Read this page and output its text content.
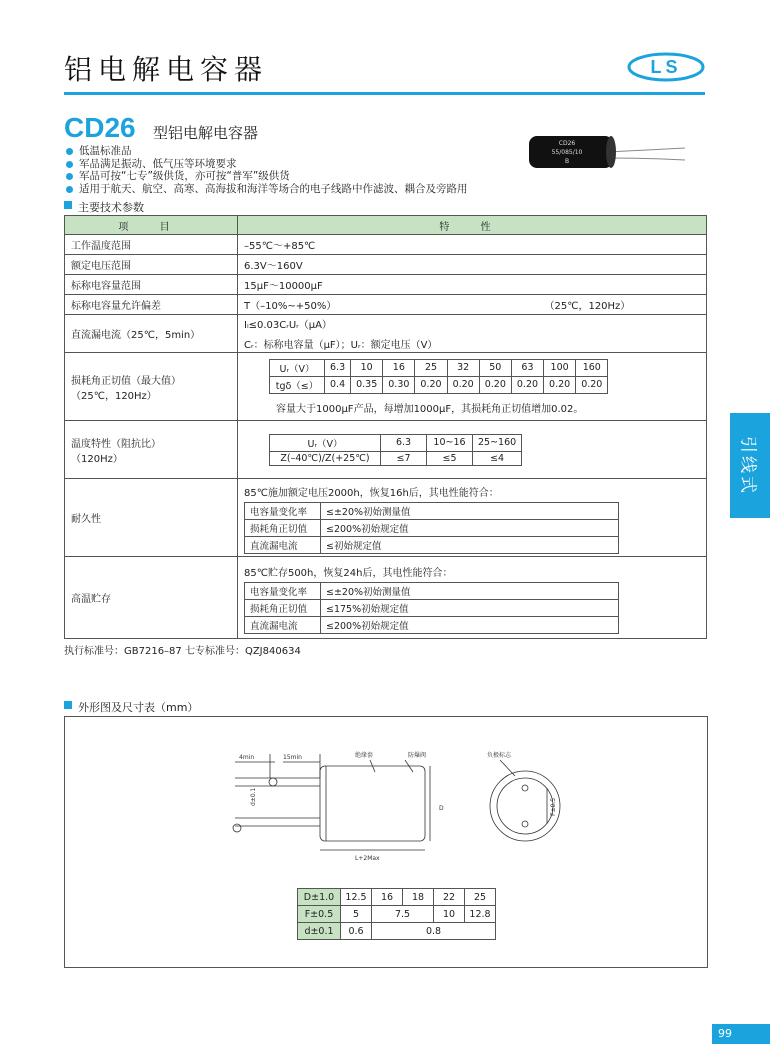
铝电解电容器	LS
CD26 型铝电解电容器
低温标准品
军品满足振动、低气压等环境要求
军品可按“七专”级供货，亦可按“普军”级供货
适用于航天、航空、高寒、高海拔和海洋等场合的电子线路中作滤波、耦合及旁路用
CD26
55/085/10
B
主要技术参数
项 目	特 性
工作温度范围	–55℃～+85℃
额定电压范围	6.3V～160V
标称电容量范围	15μF～10000μF
标称电容量允许偏差	T（–10%~+50%）	（25℃，120Hz）

直流漏电流（25℃，5min）	
Iₗ≤0.03CᵣUᵣ（μA）
Cᵣ：标称电容量（μF）；Uᵣ：额定电压（V）

损耗角正切值（最大值）
（25℃，120Hz）

Uᵣ（V）	6.3	10	16	25	32	50	63	100	160
tgδ（≤）	0.4	0.35	0.30	0.20	0.20	0.20	0.20	0.20	0.20
容量大于1000μF产品，每增加1000μF，其损耗角正切值增加0.02。

温度特性（阻抗比）
（120Hz）

Uᵣ（V）	6.3	10~16	25~160
Z(–40℃)/Z(+25℃)	≤7	≤5	≤4

耐久性	
85℃施加额定电压2000h，恢复16h后，其电性能符合：
电容量变化率	≤±20%初始测量值
损耗角正切值	≤200%初始规定值
直流漏电流	≤初始规定值

高温贮存	
85℃贮存500h，恢复24h后，其电性能符合：
电容量变化率	≤±20%初始测量值
损耗角正切值	≤175%初始规定值
直流漏电流	≤200%初始规定值
执行标准号：GB7216–87 七专标准号：QZJ840634
外形图及尺寸表（mm）
4min	15min	绝缘套	防爆阀	负极标志
d±0.1
D	F±0.5
L+2Max
D±1.0	12.5	16	18	22	25
F±0.5	5	7.5		10	12.8
d±0.1	0.6	0.8			
引线式
99
